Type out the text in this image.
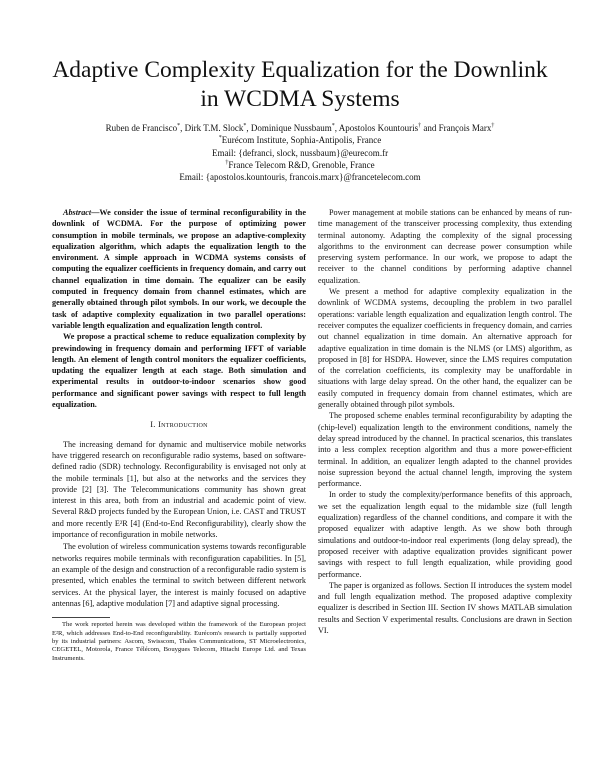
Adaptive Complexity Equalization for the Downlink
in WCDMA Systems
Ruben de Francisco*, Dirk T.M. Slock*, Dominique Nussbaum*, Apostolos Kountouris† and François Marx†
*Eurécom Institute, Sophia-Antipolis, France
Email: {defranci, slock, nussbaum}@eurecom.fr
†France Telecom R&D, Grenoble, France
Email: {apostolos.kountouris, francois.marx}@francetelecom.com

Abstract—We consider the issue of terminal reconfigurability in the downlink of WCDMA. For the purpose of optimizing power consumption in mobile terminals, we propose an adaptive-complexity equalization algorithm, which adapts the equalization length to the environment. A simple approach in WCDMA systems consists of computing the equalizer coefficients in frequency domain, and carry out channel equalization in time domain. The equalizer can be easily computed in frequency domain from channel estimates, which are generally obtained through pilot symbols. In our work, we decouple the task of adaptive complexity equalization in two parallel operations: variable length equalization and equalization length control.

We propose a practical scheme to reduce equalization complexity by prewindowing in frequency domain and performing IFFT of variable length. An element of length control monitors the equalizer coefficients, updating the equalizer length at each stage. Both simulation and experimental results in outdoor-to-indoor scenarios show good performance and significant power savings with respect to full length equalization.

I. Introduction

The increasing demand for dynamic and multiservice mobile networks have triggered research on reconfigurable radio systems, based on software-defined radio (SDR) technology. Reconfigurability is envisaged not only at the mobile terminals [1], but also at the networks and the services they provide [2] [3]. The Telecommunications community has shown great interest in this area, both from an industrial and academic point of view. Several R&D projects funded by the European Union, i.e. CAST and TRUST and more recently E²R [4] (End-to-End Reconfigurability), clearly show the importance of reconfiguration in mobile networks.

The evolution of wireless communication systems towards reconfigurable networks requires mobile terminals with reconfiguration capabilities. In [5], an example of the design and construction of a reconfigurable radio system is presented, which enables the terminal to switch between different network services. At the physical layer, the interest is mainly focused on adaptive antennas [6], adaptive modulation [7] and adaptive signal processing.

The work reported herein was developed within the framework of the European project E²R, which addresses End-to-End reconfigurability. Eurécom's research is partially supported by its industrial partners: Ascom, Swisscom, Thales Communications, ST Microelectronics, CEGETEL, Motorola, France Télécom, Bouygues Telecom, Hitachi Europe Ltd. and Texas Instruments.

Power management at mobile stations can be enhanced by means of run-time management of the transceiver processing complexity, thus extending terminal autonomy. Adapting the complexity of the signal processing algorithms to the environment can decrease power consumption while preserving system performance. In our work, we propose to adapt the receiver to the channel conditions by performing adaptive channel equalization.

We present a method for adaptive complexity equalization in the downlink of WCDMA systems, decoupling the problem in two parallel operations: variable length equalization and equalization length control. The receiver computes the equalizer coefficients in frequency domain, and carries out channel equalization in time domain. An alternative approach for adaptive equalization in time domain is the NLMS (or LMS) algorithm, as proposed in [8] for HSDPA. However, since the LMS requires computation of the correlation coefficients, its complexity may be unaffordable in situations with large delay spread. On the other hand, the equalizer can be easily computed in frequency domain from channel estimates, which are generally obtained through pilot symbols.

The proposed scheme enables terminal reconfigurability by adapting the (chip-level) equalization length to the environment conditions, namely the delay spread introduced by the channel. In practical scenarios, this translates into a less complex reception algorithm and thus a more power-efficient terminal. In addition, an equalizer length adapted to the channel provides noise supression beyond the actual channel length, improving the system performance.

In order to study the complexity/performance benefits of this approach, we set the equalization length equal to the midamble size (full length equalization) regardless of the channel conditions, and compare it with the proposed equalizer with adaptive length. As we show both through simulations and outdoor-to-indoor real experiments (long delay spread), the proposed receiver with adaptive equalization provides significant power savings with respect to full length equalization, while providing good performance.

The paper is organized as follows. Section II introduces the system model and full length equalization method. The proposed adaptive complexity equalizer is described in Section III. Section IV shows MATLAB simulation results and Section V experimental results. Conclusions are drawn in Section VI.
